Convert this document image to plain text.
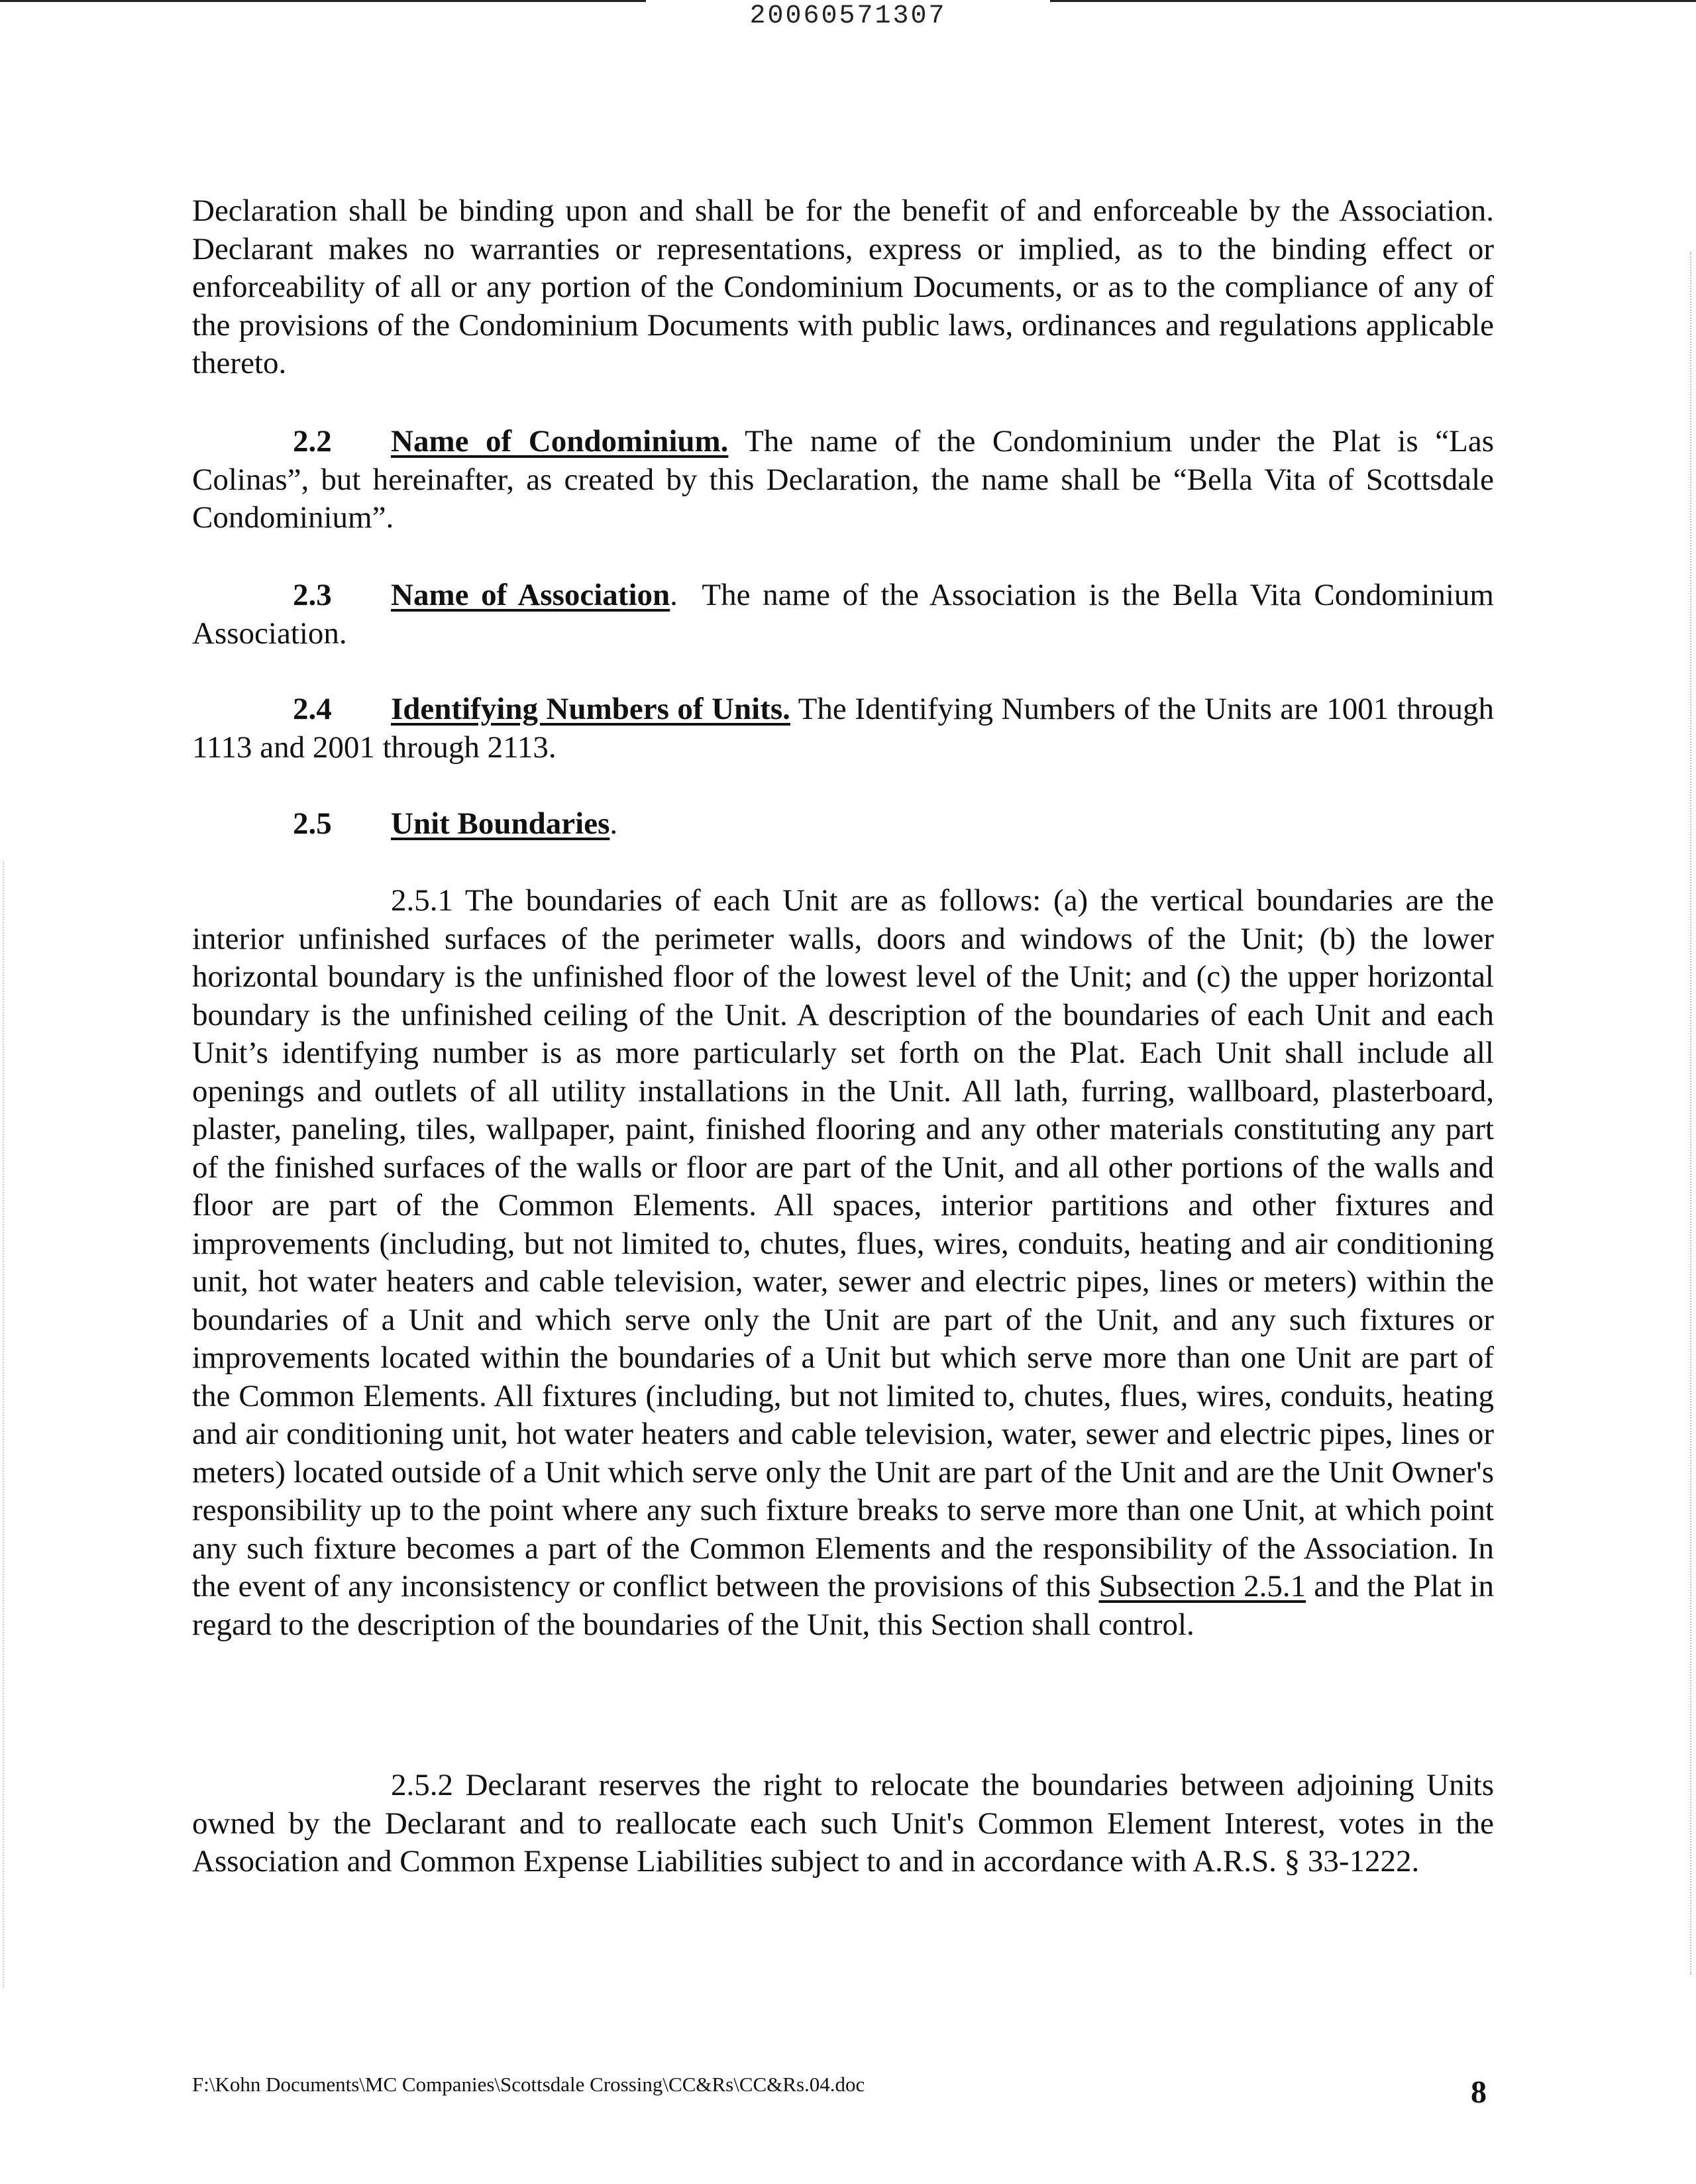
20060571307
Declaration shall be binding upon and shall be for the benefit of and enforceable by the Association. Declarant makes no warranties or representations, express or implied, as to the binding effect or enforceability of all or any portion of the Condominium Documents, or as to the compliance of any of the provisions of the Condominium Documents with public laws, ordinances and regulations applicable thereto.
2.2 Name of Condominium. The name of the Condominium under the Plat is “Las Colinas”, but hereinafter, as created by this Declaration, the name shall be “Bella Vita of Scottsdale Condominium”.
2.3 Name of Association.  The name of the Association is the Bella Vita Condominium Association.
2.4 Identifying Numbers of Units. The Identifying Numbers of the Units are 1001 through 1113 and 2001 through 2113.
2.5 Unit Boundaries.
2.5.1 The boundaries of each Unit are as follows: (a) the vertical boundaries are the interior unfinished surfaces of the perimeter walls, doors and windows of the Unit; (b) the lower horizontal boundary is the unfinished floor of the lowest level of the Unit; and (c) the upper horizontal boundary is the unfinished ceiling of the Unit. A description of the boundaries of each Unit and each Unit’s identifying number is as more particularly set forth on the Plat. Each Unit shall include all openings and outlets of all utility installations in the Unit. All lath, furring, wallboard, plasterboard, plaster, paneling, tiles, wallpaper, paint, finished flooring and any other materials constituting any part of the finished surfaces of the walls or floor are part of the Unit, and all other portions of the walls and floor are part of the Common Elements. All spaces, interior partitions and other fixtures and improvements (including, but not limited to, chutes, flues, wires, conduits, heating and air conditioning unit, hot water heaters and cable television, water, sewer and electric pipes, lines or meters) within the boundaries of a Unit and which serve only the Unit are part of the Unit, and any such fixtures or improvements located within the boundaries of a Unit but which serve more than one Unit are part of the Common Elements. All fixtures (including, but not limited to, chutes, flues, wires, conduits, heating and air conditioning unit, hot water heaters and cable television, water, sewer and electric pipes, lines or meters) located outside of a Unit which serve only the Unit are part of the Unit and are the Unit Owner's responsibility up to the point where any such fixture breaks to serve more than one Unit, at which point any such fixture becomes a part of the Common Elements and the responsibility of the Association. In the event of any inconsistency or conflict between the provisions of this Subsection 2.5.1 and the Plat in regard to the description of the boundaries of the Unit, this Section shall control.
2.5.2 Declarant reserves the right to relocate the boundaries between adjoining Units owned by the Declarant and to reallocate each such Unit's Common Element Interest, votes in the Association and Common Expense Liabilities subject to and in accordance with A.R.S. § 33-1222.
F:\Kohn Documents\MC Companies\Scottsdale Crossing\CC&Rs\CC&Rs.04.doc	8
